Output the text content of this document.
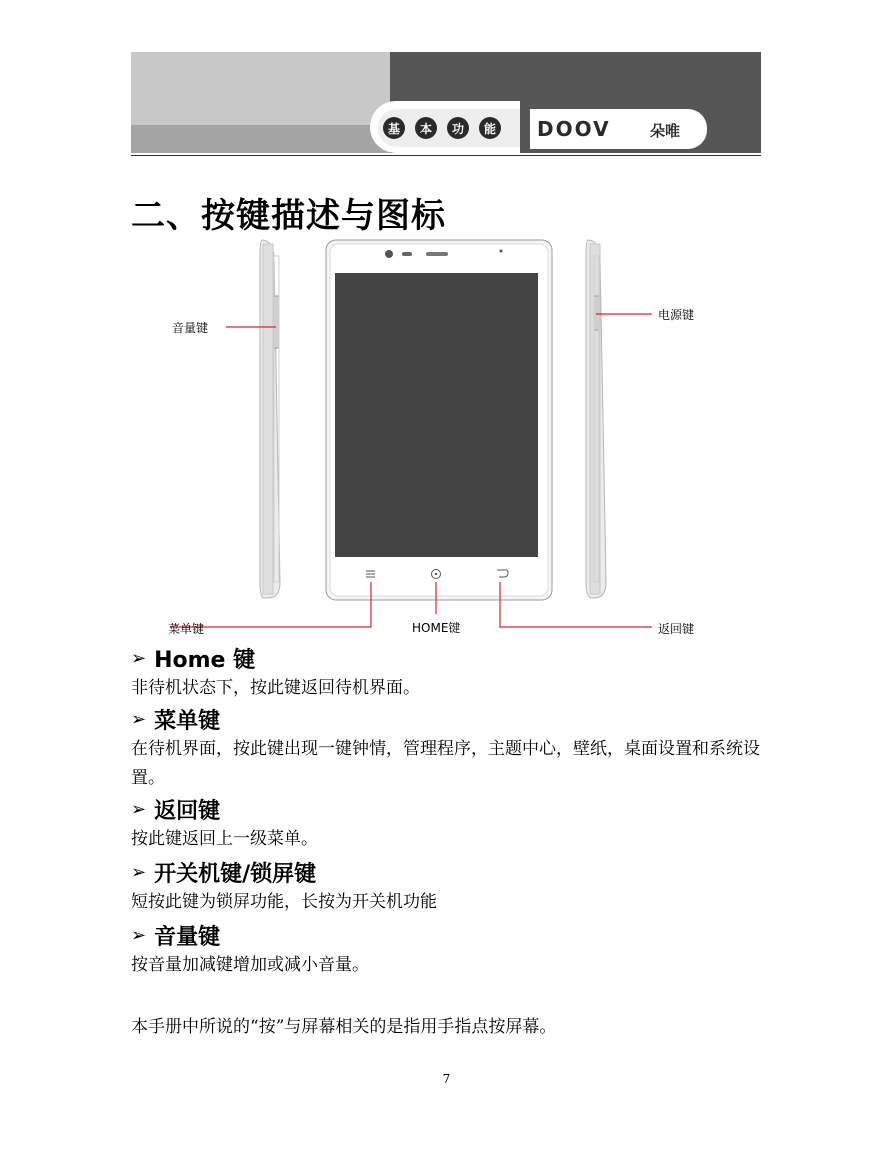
基	本	功	能 DOOV	朵唯
二、按键描述与图标
音量键
电源键
菜单键	HOME键	返回键
➢ Home 键
非待机状态下，按此键返回待机界面。
➢ 菜单键
在待机界面，按此键出现一键钟情，管理程序，主题中心，壁纸，桌面设置和系统设置。
➢ 返回键
按此键返回上一级菜单。
➢ 开关机键/锁屏键
短按此键为锁屏功能，长按为开关机功能
➢ 音量键
按音量加减键增加或减小音量。
本手册中所说的“按”与屏幕相关的是指用手指点按屏幕。
7
